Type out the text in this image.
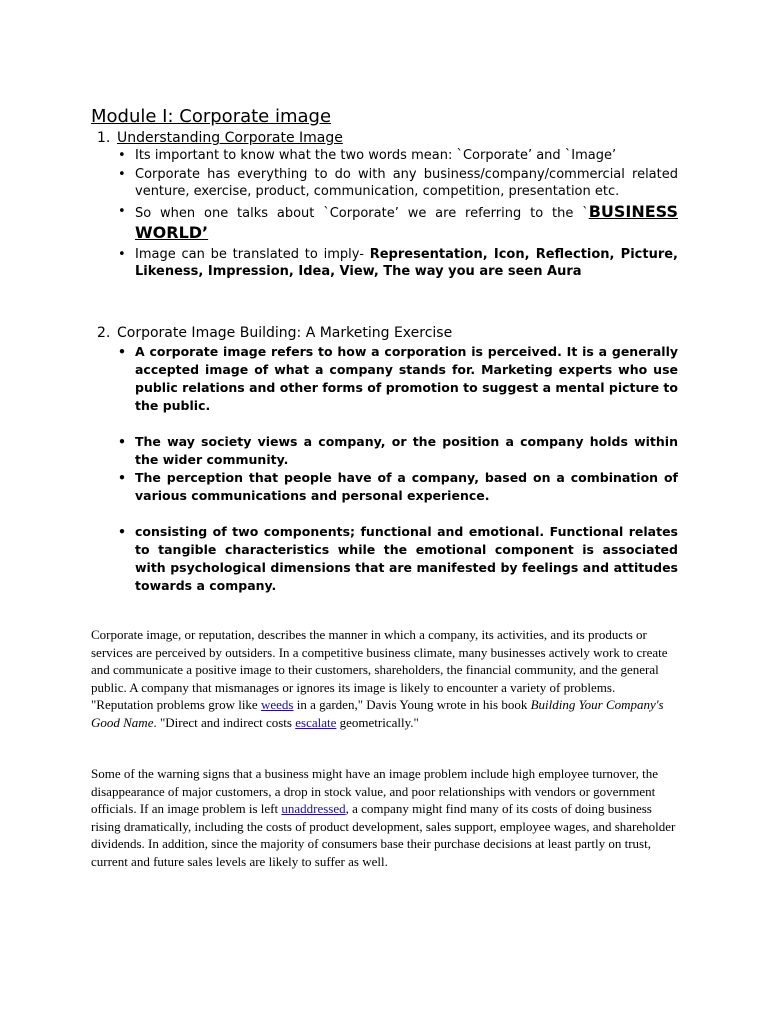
Module I: Corporate image
1. Understanding Corporate Image
• Its important to know what the two words mean: `Corporate’ and `Image’
• Corporate has everything to do with any business/company/commercial related venture, exercise, product, communication, competition, presentation etc.
• So when one talks about `Corporate’ we are referring to the `BUSINESS WORLD’
• Image can be translated to imply- Representation, Icon, Reflection, Picture, Likeness, Impression, Idea, View, The way you are seen Aura
2. Corporate Image Building: A Marketing Exercise
• A corporate image refers to how a corporation is perceived. It is a generally accepted image of what a company stands for. Marketing experts who use public relations and other forms of promotion to suggest a mental picture to the public.
• The way society views a company, or the position a company holds within the wider community.
• The perception that people have of a company, based on a combination of various communications and personal experience.
• consisting of two components; functional and emotional. Functional relates to tangible characteristics while the emotional component is associated with psychological dimensions that are manifested by feelings and attitudes towards a company.

Corporate image, or reputation, describes the manner in which a company, its activities, and its products or services are perceived by outsiders. In a competitive business climate, many businesses actively work to create and communicate a positive image to their customers, shareholders, the financial community, and the general public. A company that mismanages or ignores its image is likely to encounter a variety of problems. "Reputation problems grow like weeds in a garden," Davis Young wrote in his book Building Your Company's Good Name. "Direct and indirect costs escalate geometrically."

Some of the warning signs that a business might have an image problem include high employee turnover, the disappearance of major customers, a drop in stock value, and poor relationships with vendors or government officials. If an image problem is left unaddressed, a company might find many of its costs of doing business rising dramatically, including the costs of product development, sales support, employee wages, and shareholder dividends. In addition, since the majority of consumers base their purchase decisions at least partly on trust, current and future sales levels are likely to suffer as well.
